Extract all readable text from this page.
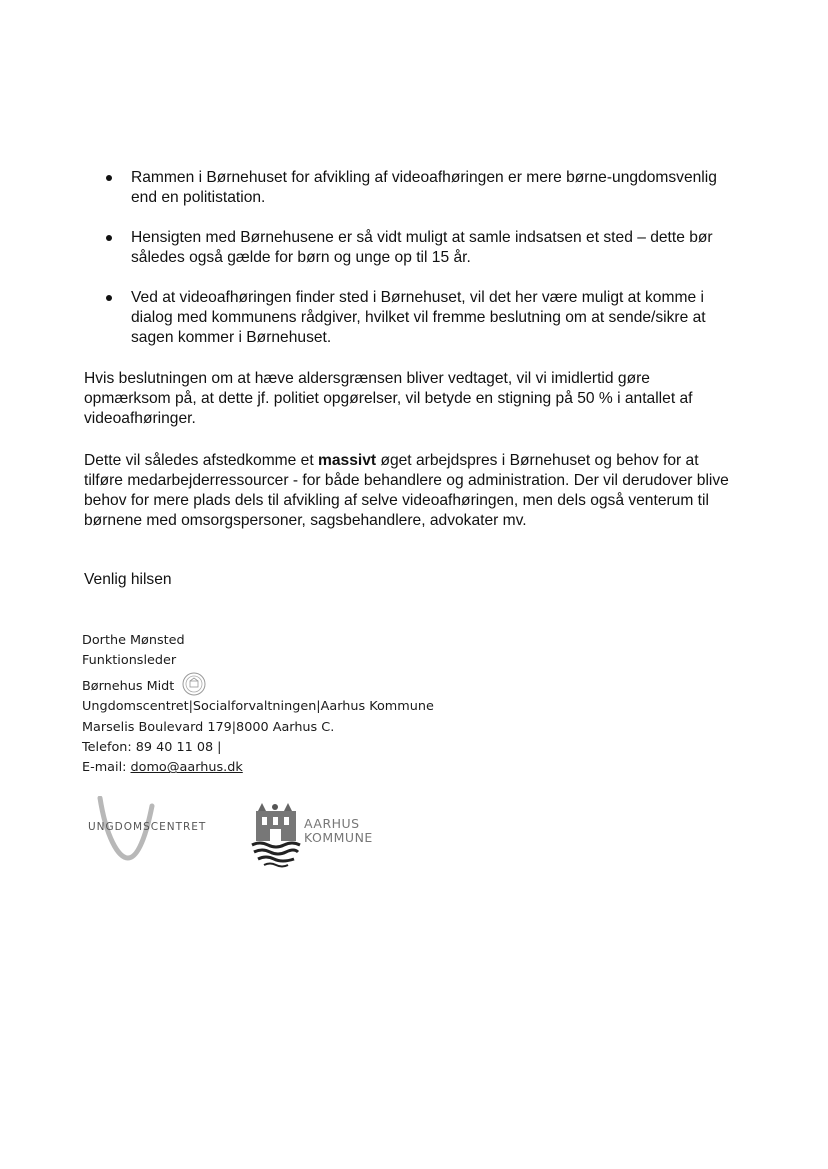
Rammen i Børnehuset for afvikling af videoafhøringen er mere børne-ungdomsvenlig end en politistation.
Hensigten med Børnehusene er så vidt muligt at samle indsatsen et sted – dette bør således også gælde for børn og unge op til 15 år.
Ved at videoafhøringen finder sted i Børnehuset, vil det her være muligt at komme i dialog med kommunens rådgiver, hvilket vil fremme beslutning om at sende/sikre at sagen kommer i Børnehuset.

Hvis beslutningen om at hæve aldersgrænsen bliver vedtaget, vil vi imidlertid gøre opmærksom på, at dette jf. politiet opgørelser, vil betyde en stigning på 50 % i antallet af videoafhøringer.

Dette vil således afstedkomme et massivt øget arbejdspres i Børnehuset og behov for at tilføre medarbejderressourcer - for både behandlere og administration. Der vil derudover blive behov for mere plads dels til afvikling af selve videoafhøringen, men dels også venterum til børnene med omsorgspersoner, sagsbehandlere, advokater mv.

Venlig hilsen

Dorthe Mønsted
Funktionsleder
Børnehus Midt
Ungdomscentret|Socialforvaltningen|Aarhus Kommune
Marselis Boulevard 179|8000 Aarhus C.
Telefon: 89 40 11 08 |
E-mail: domo@aarhus.dk
UNGDOMSCENTRET	AARHUS
KOMMUNE
